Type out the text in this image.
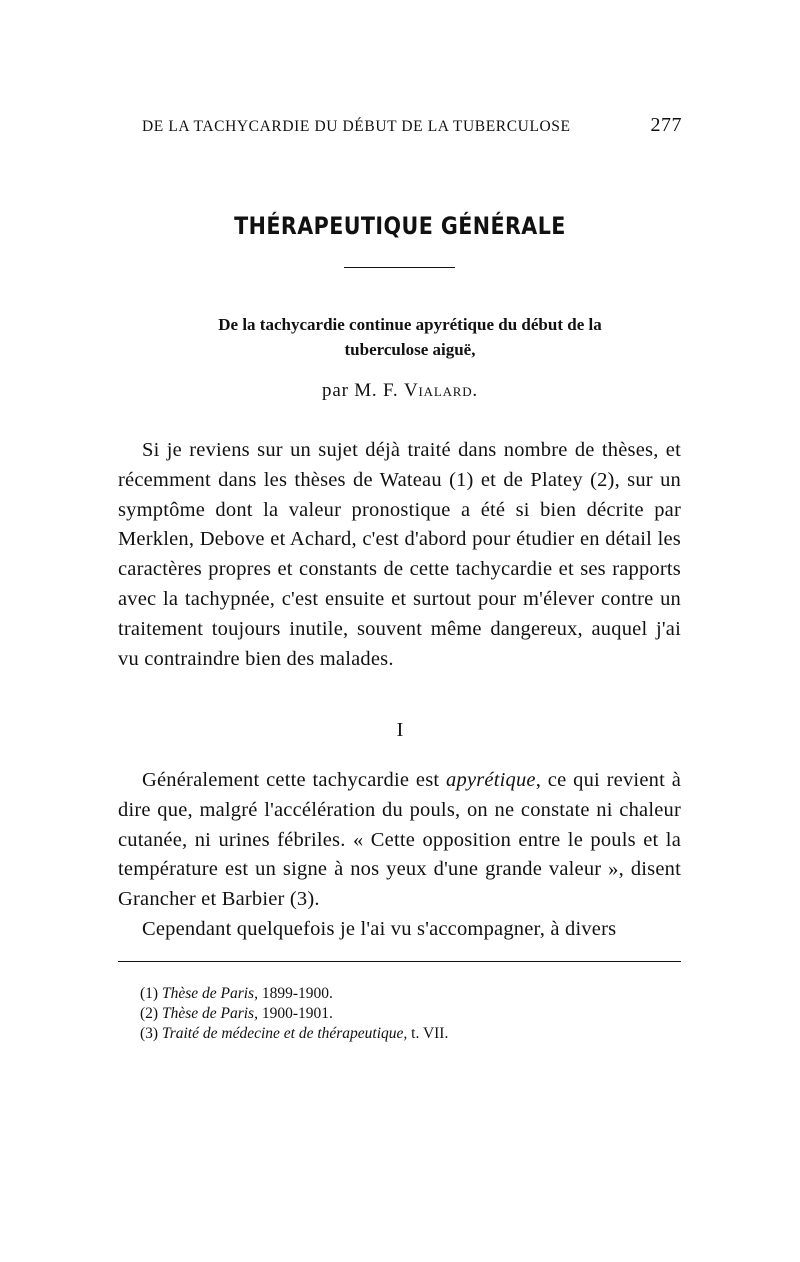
DE LA TACHYCARDIE DU DÉBUT DE LA TUBERCULOSE	277
THÉRAPEUTIQUE GÉNÉRALE
De la tachycardie continue apyrétique du début de la
tuberculose aiguë,
par M. F. Vialard.

Si je reviens sur un sujet déjà traité dans nombre de thèses, et récemment dans les thèses de Wateau (1) et de Platey (2), sur un symptôme dont la valeur pronostique a été si bien décrite par Merklen, Debove et Achard, c'est d'abord pour étudier en détail les caractères propres et constants de cette tachycardie et ses rapports avec la tachypnée, c'est ensuite et surtout pour m'élever contre un traitement toujours inutile, souvent même dangereux, auquel j'ai vu contraindre bien des malades.

I

Généralement cette tachycardie est apyrétique, ce qui revient à dire que, malgré l'accélération du pouls, on ne constate ni chaleur cutanée, ni urines fébriles. « Cette opposition entre le pouls et la température est un signe à nos yeux d'une grande valeur », disent Grancher et Barbier (3).

Cependant quelquefois je l'ai vu s'accompagner, à divers

(1) Thèse de Paris, 1899-1900.
(2) Thèse de Paris, 1900-1901.
(3) Traité de médecine et de thérapeutique, t. VII.
